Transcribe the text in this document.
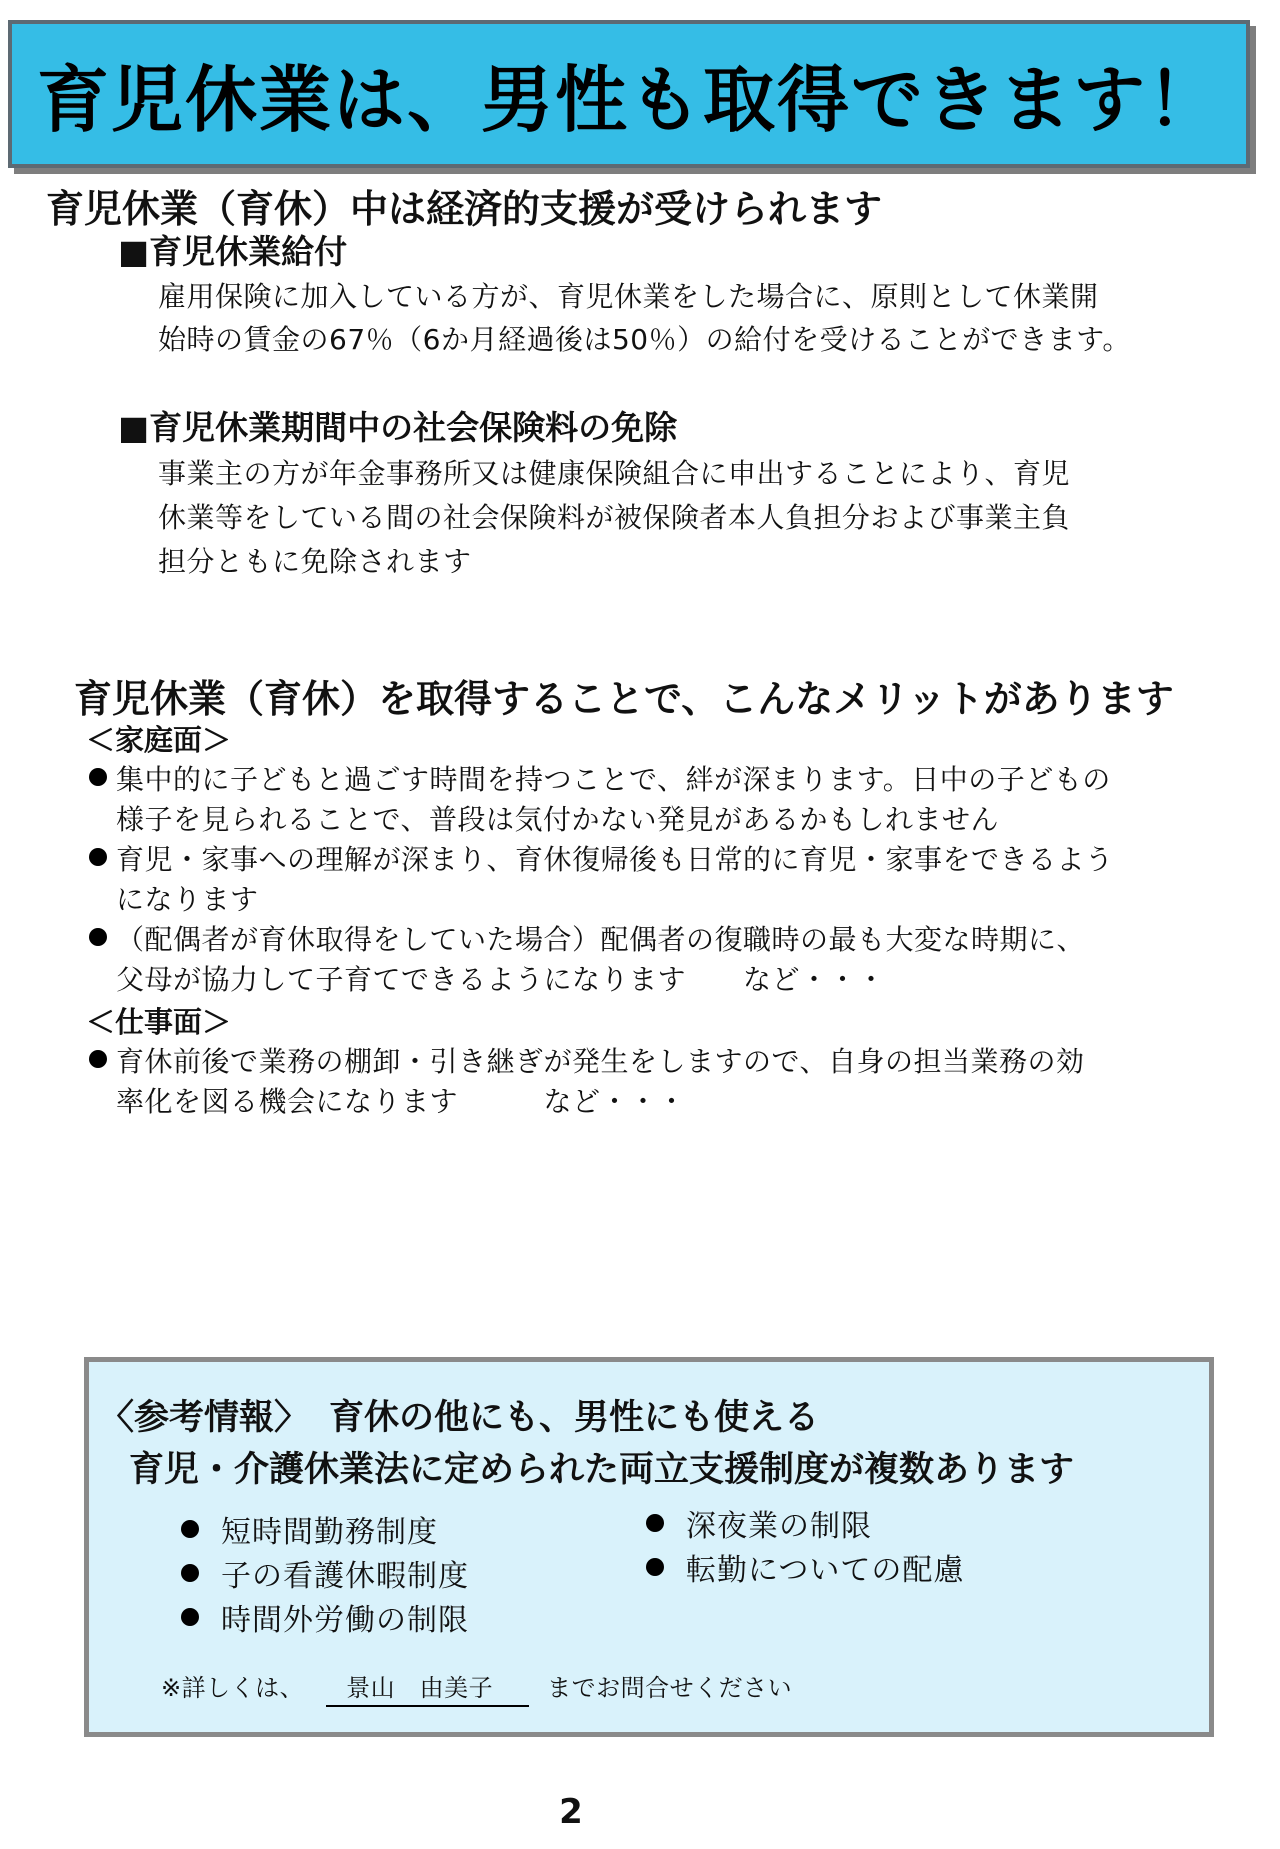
育児休業は、男性も取得できます！
育児休業（育休）中は経済的支援が受けられます
■育児休業給付
雇用保険に加入している方が、育児休業をした場合に、原則として休業開
始時の賃金の67％（6か月経過後は50％）の給付を受けることができます。
■育児休業期間中の社会保険料の免除
事業主の方が年金事務所又は健康保険組合に申出することにより、育児
休業等をしている間の社会保険料が被保険者本人負担分および事業主負
担分ともに免除されます
育児休業（育休）を取得することで、こんなメリットがあります
＜家庭面＞
集中的に子どもと過ごす時間を持つことで、絆が深まります。日中の子どもの
様子を見られることで、普段は気付かない発見があるかもしれません
育児・家事への理解が深まり、育休復帰後も日常的に育児・家事をできるよう
になります
（配偶者が育休取得をしていた場合）配偶者の復職時の最も大変な時期に、
父母が協力して子育てできるようになります　　など・・・
＜仕事面＞
育休前後で業務の棚卸・引き継ぎが発生をしますので、自身の担当業務の効
率化を図る機会になります　　　など・・・
〈参考情報〉 育休の他にも、男性にも使える
育児・介護休業法に定められた両立支援制度が複数あります
短時間勤務制度
子の看護休暇制度
時間外労働の制限
深夜業の制限
転勤についての配慮
※詳しくは、 景山　由美子 までお問合せください
2
